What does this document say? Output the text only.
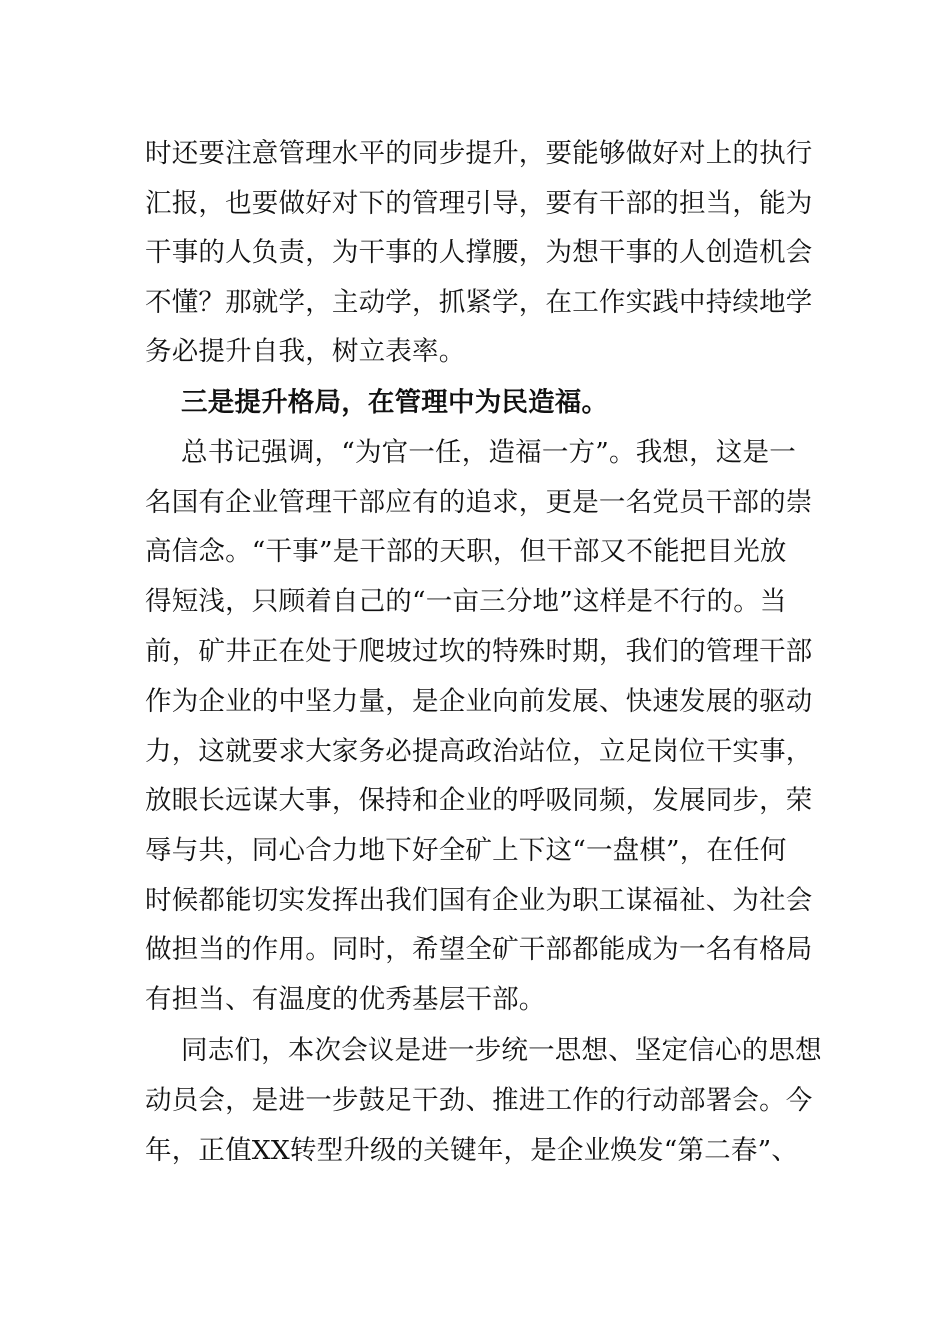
时还要注意管理水平的同步提升，要能够做好对上的执行
汇报，也要做好对下的管理引导，要有干部的担当，能为
干事的人负责，为干事的人撑腰，为想干事的人创造机会
不懂？那就学，主动学，抓紧学，在工作实践中持续地学
务必提升自我，树立表率。
三是提升格局，在管理中为民造福。
总书记强调，“为官一任，造福一方”。我想，这是一
名国有企业管理干部应有的追求，更是一名党员干部的崇
高信念。“干事”是干部的天职，但干部又不能把目光放
得短浅，只顾着自己的“一亩三分地”这样是不行的。当
前，矿井正在处于爬坡过坎的特殊时期，我们的管理干部
作为企业的中坚力量，是企业向前发展、快速发展的驱动
力，这就要求大家务必提高政治站位，立足岗位干实事，
放眼长远谋大事，保持和企业的呼吸同频，发展同步，荣
辱与共，同心合力地下好全矿上下这“一盘棋”，在任何
时候都能切实发挥出我们国有企业为职工谋福祉、为社会
做担当的作用。同时，希望全矿干部都能成为一名有格局
有担当、有温度的优秀基层干部。
同志们，本次会议是进一步统一思想、坚定信心的思想
动员会，是进一步鼓足干劲、推进工作的行动部署会。今
年，正值XX转型升级的关键年，是企业焕发“第二春”、
